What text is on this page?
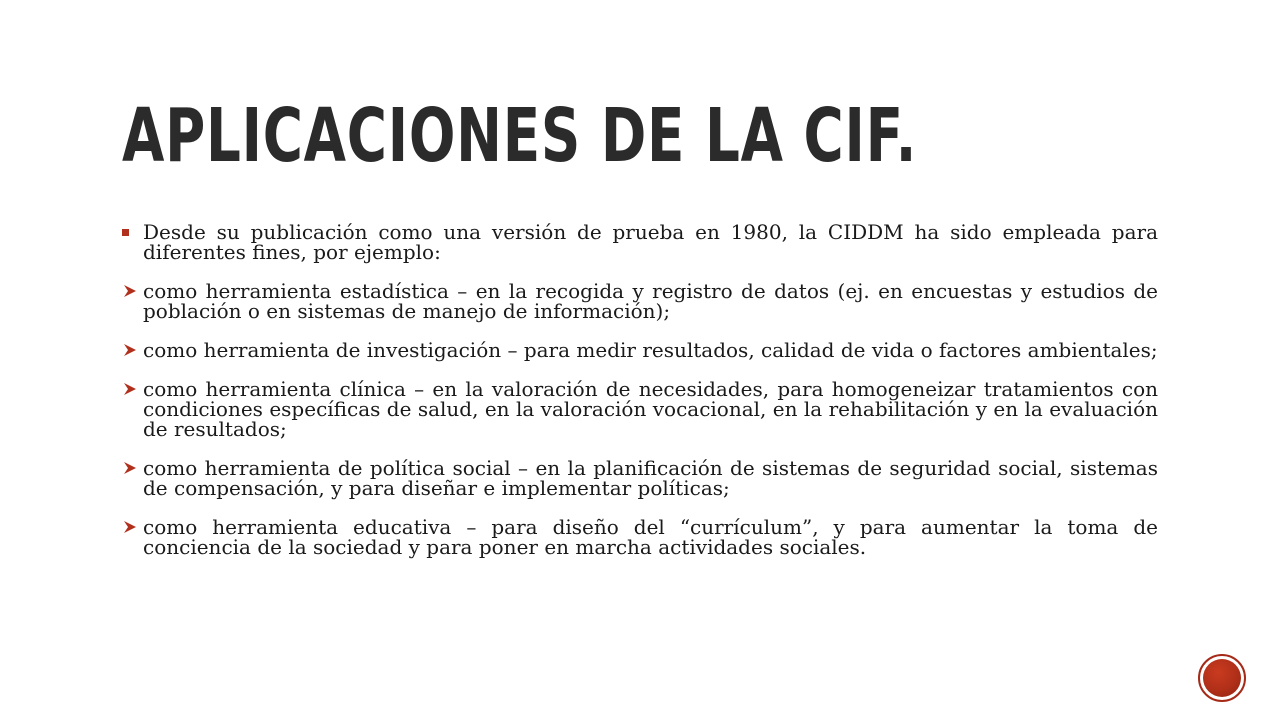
APLICACIONES DE LA CIF.
Desde su publicación como una versión de prueba en 1980, la CIDDM ha sido empleada para diferentes fines, por ejemplo:
como herramienta estadística – en la recogida y registro de datos (ej. en encuestas y estudios de población o en sistemas de manejo de información);
como herramienta de investigación – para medir resultados, calidad de vida o factores ambientales;
como herramienta clínica – en la valoración de necesidades, para homogeneizar tratamientos con condiciones específicas de salud, en la valoración vocacional, en la rehabilitación y en la evaluación de resultados;
como herramienta de política social – en la planificación de sistemas de seguridad social, sistemas de compensación, y para diseñar e implementar políticas;
como herramienta educativa – para diseño del “currículum”, y para aumentar la toma de conciencia de la sociedad y para poner en marcha actividades sociales.
